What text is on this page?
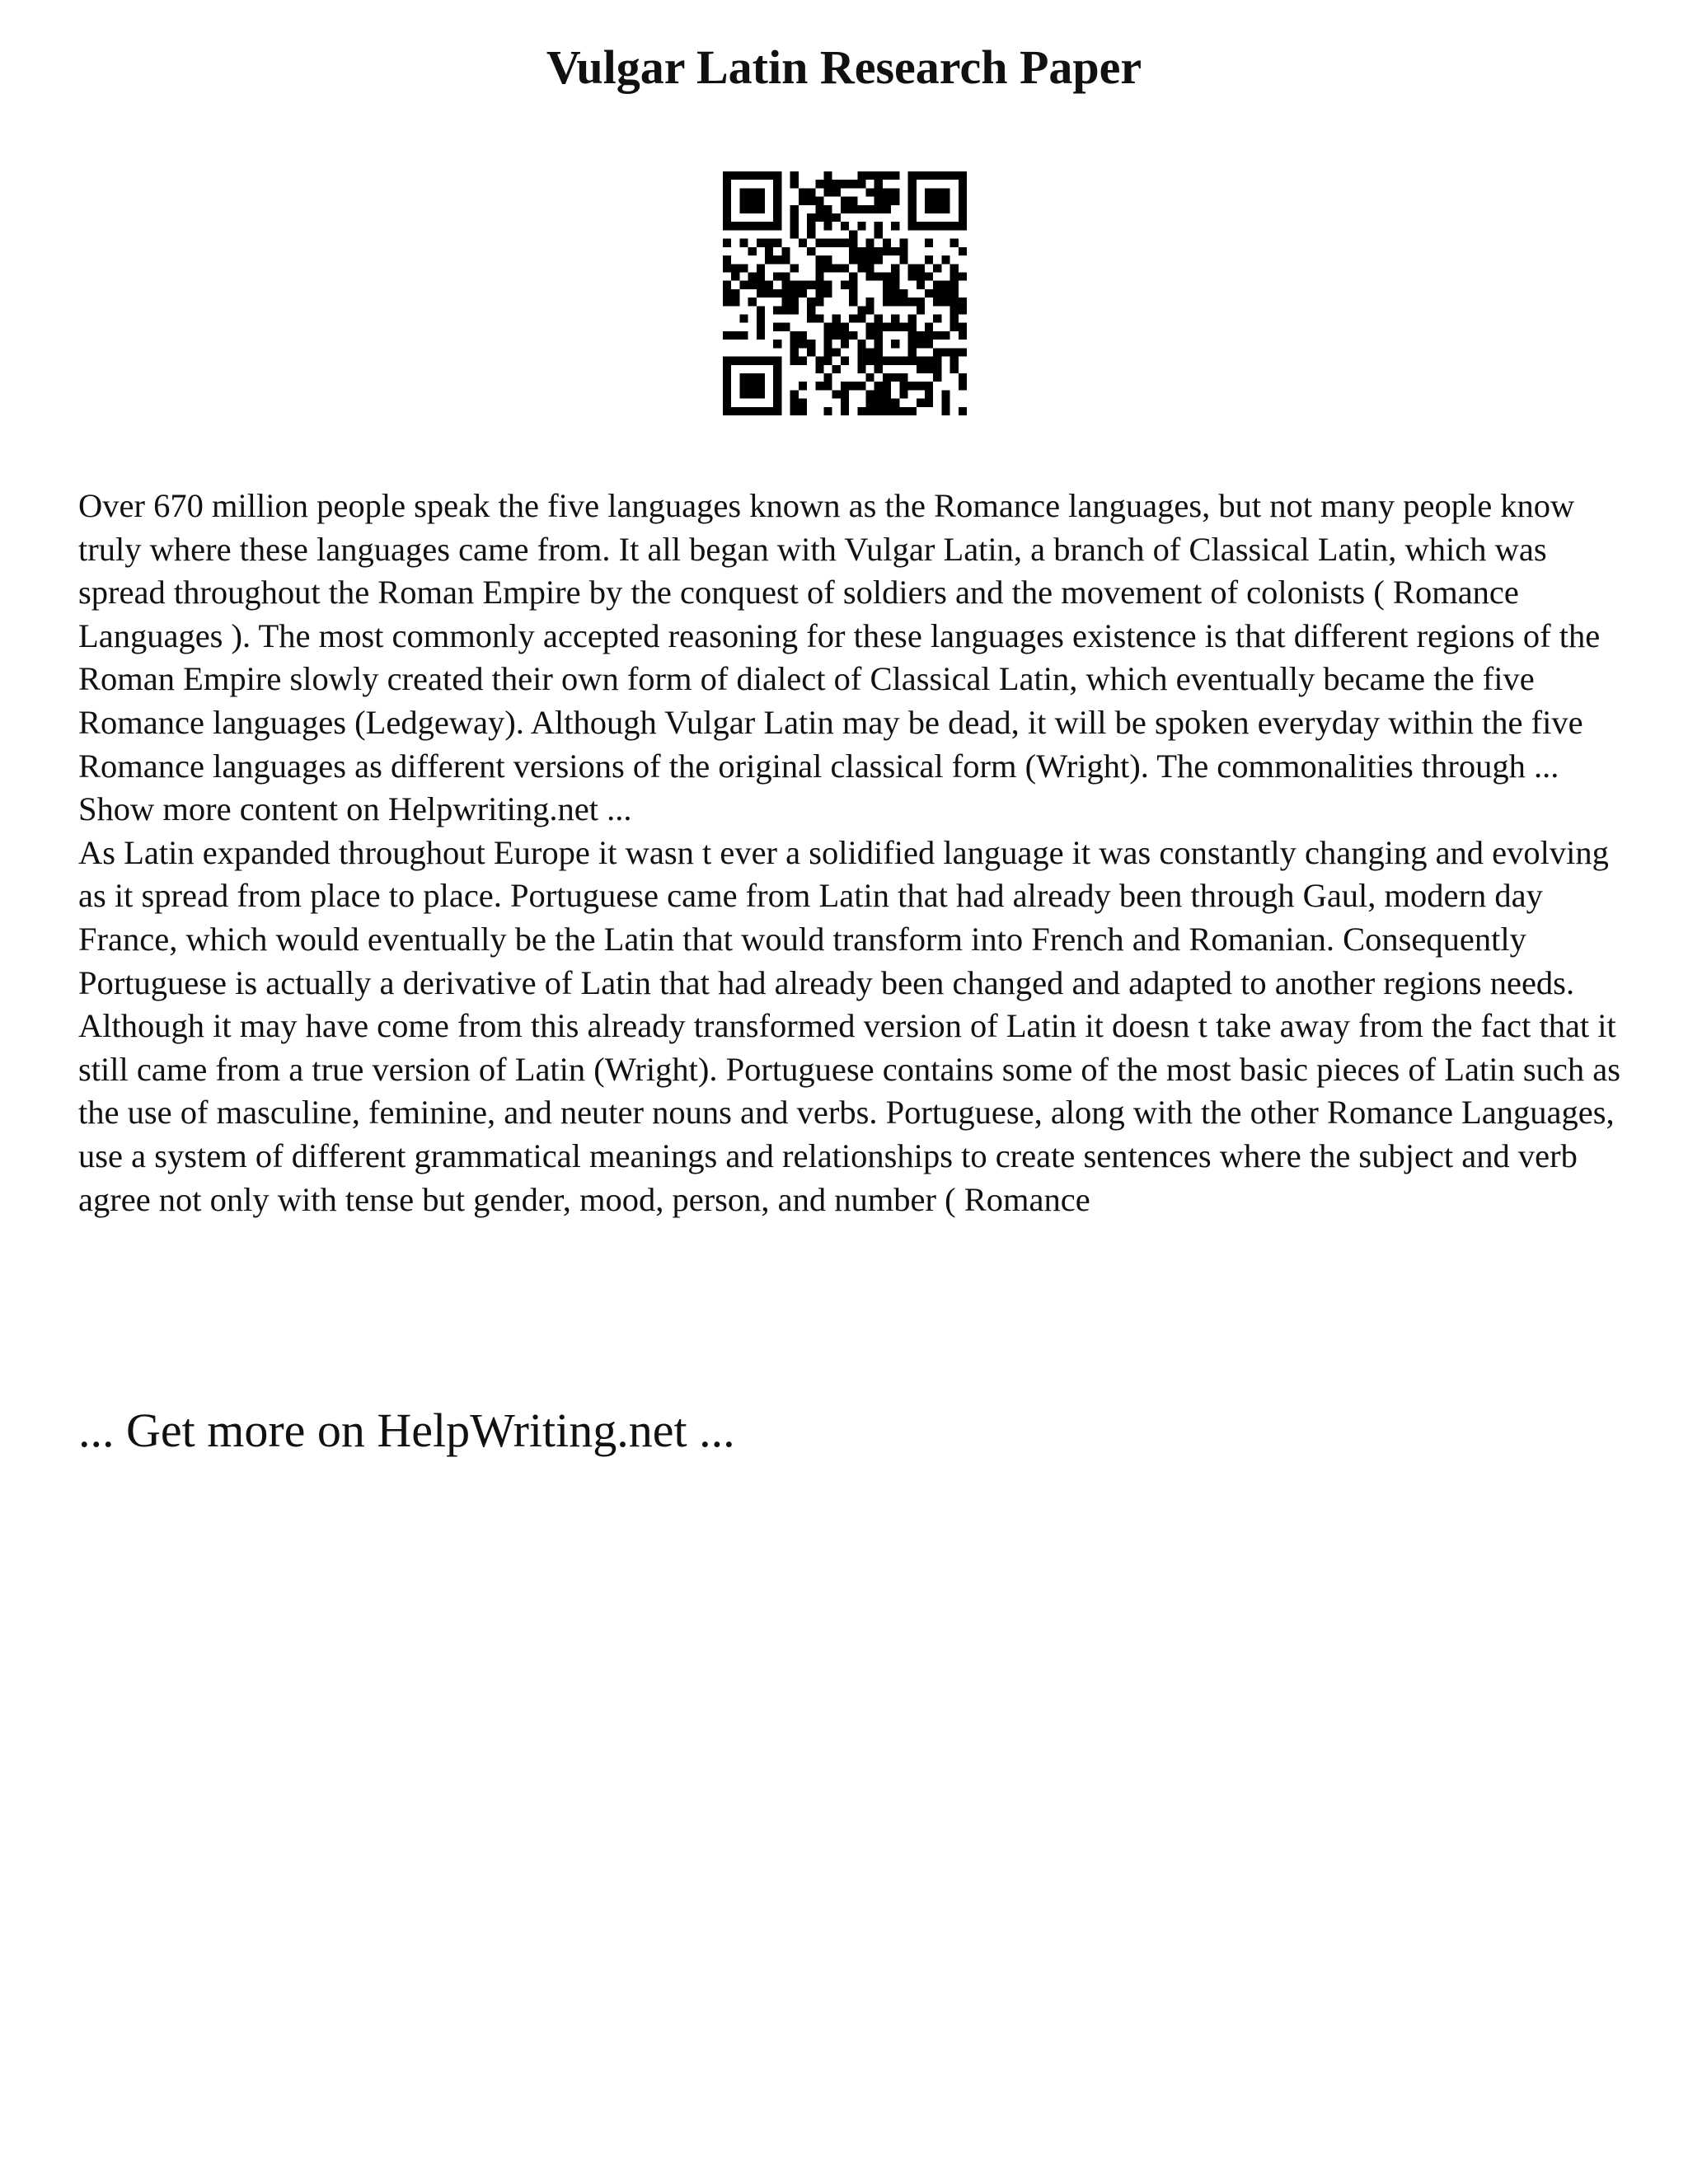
Vulgar Latin Research Paper

Over 670 million people speak the five languages known as the Romance languages, but not many people know truly where these languages came from. It all began with Vulgar Latin, a branch of Classical Latin, which was spread throughout the Roman Empire by the conquest of soldiers and the movement of colonists ( Romance Languages ). The most commonly accepted reasoning for these languages existence is that different regions of the Roman Empire slowly created their own form of dialect of Classical Latin, which eventually became the five Romance languages (Ledgeway). Although Vulgar Latin may be dead, it will be spoken everyday within the five Romance languages as different versions of the original classical form (Wright). The commonalities through ... Show more content on Helpwriting.net ...

As Latin expanded throughout Europe it wasn t ever a solidified language it was constantly changing and evolving as it spread from place to place. Portuguese came from Latin that had already been through Gaul, modern day France, which would eventually be the Latin that would transform into French and Romanian. Consequently Portuguese is actually a derivative of Latin that had already been changed and adapted to another regions needs. Although it may have come from this already transformed version of Latin it doesn t take away from the fact that it still came from a true version of Latin (Wright). Portuguese contains some of the most basic pieces of Latin such as the use of masculine, feminine, and neuter nouns and verbs. Portuguese, along with the other Romance Languages, use a system of different grammatical meanings and relationships to create sentences where the subject and verb agree not only with tense but gender, mood, person, and number ( Romance

... Get more on HelpWriting.net ...
